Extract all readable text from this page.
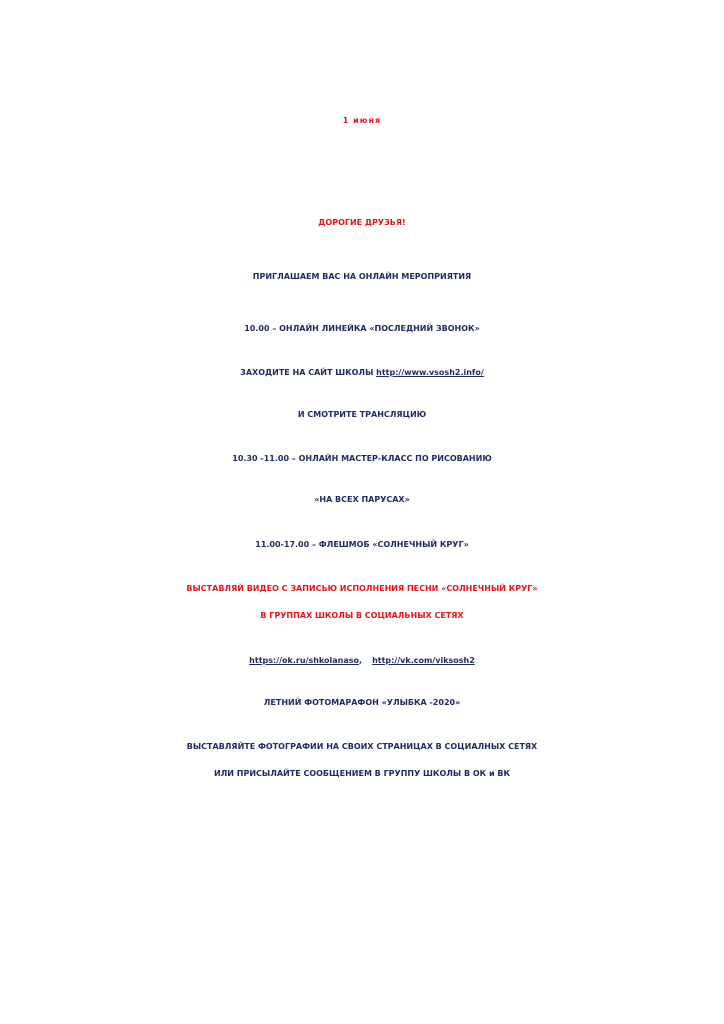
1 июня
ДОРОГИЕ ДРУЗЬЯ!
ПРИГЛАШАЕМ ВАС НА ОНЛАЙН МЕРОПРИЯТИЯ
10.00 – ОНЛАЙН ЛИНЕЙКА «ПОСЛЕДНИЙ ЗВОНОК»
ЗАХОДИТЕ НА САЙТ ШКОЛЫ http://www.vsosh2.info/
И СМОТРИТЕ ТРАНСЛЯЦИЮ
10.30 -11.00 – ОНЛАЙН МАСТЕР-КЛАСС ПО РИСОВАНИЮ
«НА ВСЕХ ПАРУСАХ»
11.00-17.00 – ФЛЕШМОБ «СОЛНЕЧНЫЙ КРУГ»
ВЫСТАВЛЯЙ ВИДЕО С ЗАПИСЬЮ ИСПОЛНЕНИЯ ПЕСНИ «СОЛНЕЧНЫЙ КРУГ»
В ГРУППАХ ШКОЛЫ В СОЦИАЛЬНЫХ СЕТЯХ
https://ok.ru/shkolanaso, http://vk.com/viksosh2
ЛЕТНИЙ ФОТОМАРАФОН «УЛЫБКА -2020»
ВЫСТАВЛЯЙТЕ ФОТОГРАФИИ НА СВОИХ СТРАНИЦАХ В СОЦИАЛНЫХ СЕТЯХ
ИЛИ ПРИСЫЛАЙТЕ СООБЩЕНИЕМ В ГРУППУ ШКОЛЫ В ОК и ВК
